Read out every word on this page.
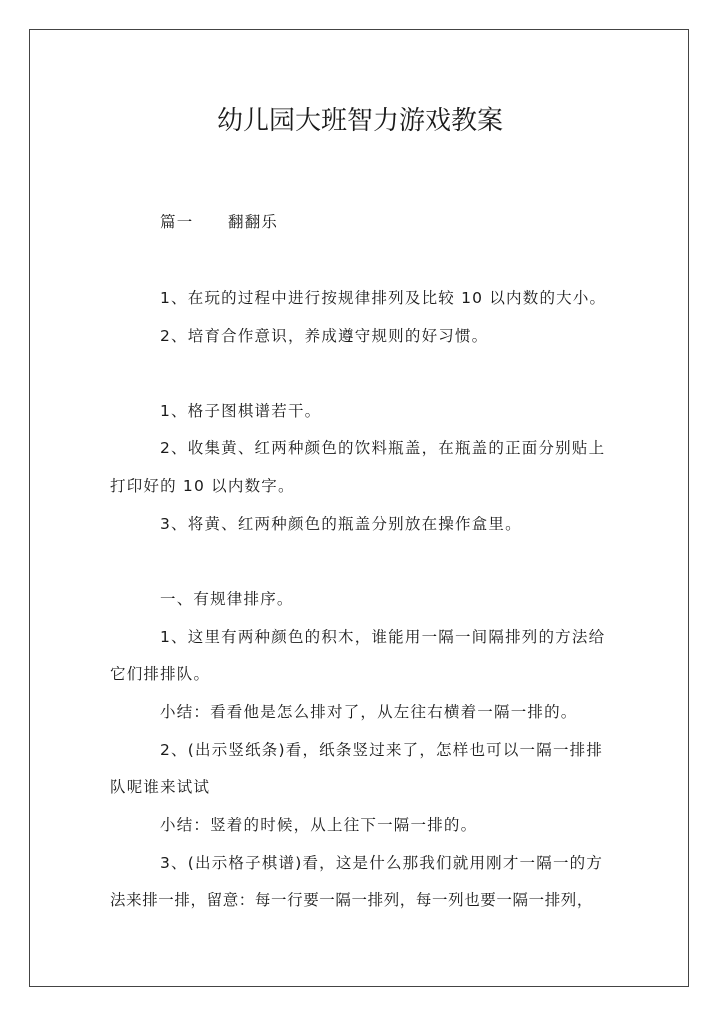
幼儿园大班智力游戏教案
篇一 翻翻乐
1、在玩的过程中进行按规律排列及比较 10 以内数的大小。
2、培育合作意识，养成遵守规则的好习惯。
1、格子图棋谱若干。
2、收集黄、红两种颜色的饮料瓶盖，在瓶盖的正面分别贴上
打印好的 10 以内数字。
3、将黄、红两种颜色的瓶盖分别放在操作盒里。
一、有规律排序。
1、这里有两种颜色的积木，谁能用一隔一间隔排列的方法给
它们排排队。
小结：看看他是怎么排对了，从左往右横着一隔一排的。
2、(出示竖纸条)看，纸条竖过来了，怎样也可以一隔一排排
队呢谁来试试
小结：竖着的时候，从上往下一隔一排的。
3、(出示格子棋谱)看，这是什么那我们就用刚才一隔一的方
法来排一排，留意：每一行要一隔一排列，每一列也要一隔一排列，
